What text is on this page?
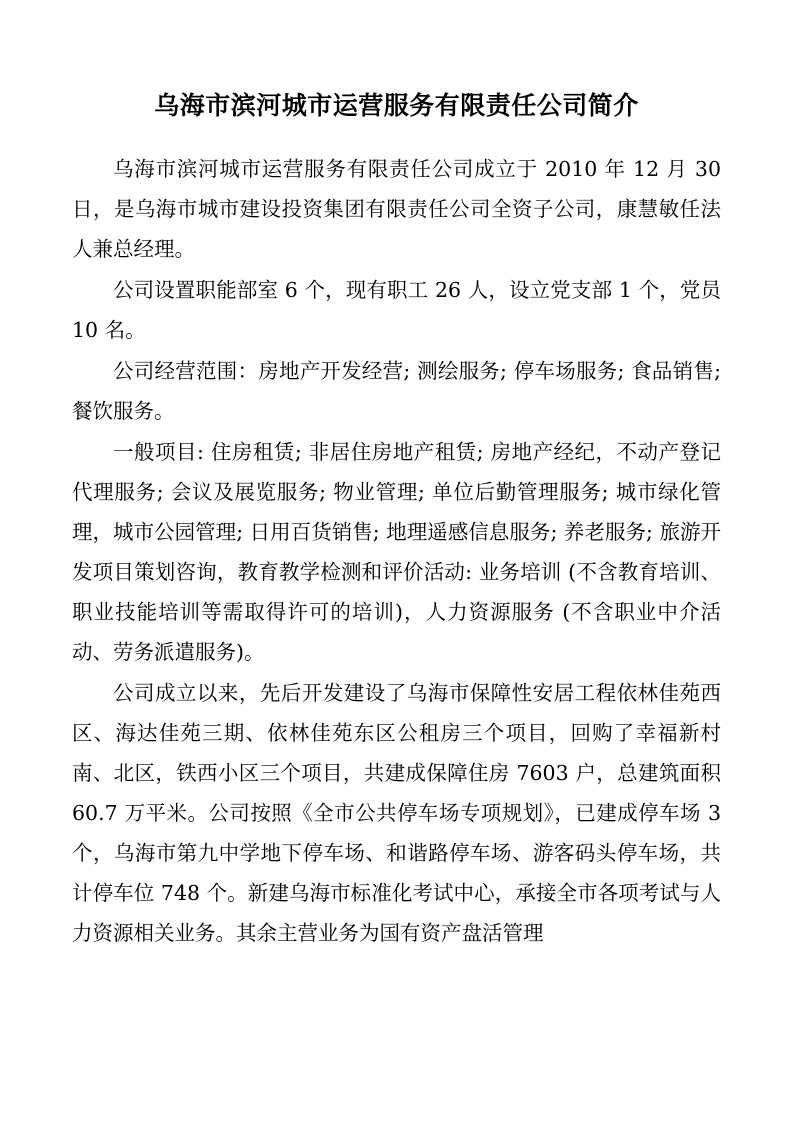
乌海市滨河城市运营服务有限责任公司简介

乌海市滨河城市运营服务有限责任公司成立于 2010 年 12 月 30 日，是乌海市城市建设投资集团有限责任公司全资子公司，康慧敏任法人兼总经理。

公司设置职能部室 6 个，现有职工 26 人，设立党支部 1 个，党员 10 名。

公司经营范围：房地产开发经营; 测绘服务; 停车场服务; 食品销售; 餐饮服务。

一般项目: 住房租赁; 非居住房地产租赁; 房地产经纪，不动产登记代理服务; 会议及展览服务; 物业管理; 单位后勤管理服务; 城市绿化管理，城市公园管理; 日用百货销售; 地理遥感信息服务; 养老服务; 旅游开发项目策划咨询，教育教学检测和评价活动: 业务培训 (不含教育培训、职业技能培训等需取得许可的培训)，人力资源服务 (不含职业中介活动、劳务派遣服务)。

公司成立以来，先后开发建设了乌海市保障性安居工程依林佳苑西区、海达佳苑三期、依林佳苑东区公租房三个项目，回购了幸福新村南、北区，铁西小区三个项目，共建成保障住房 7603 户，总建筑面积 60.7 万平米。公司按照《全市公共停车场专项规划》，已建成停车场 3 个，乌海市第九中学地下停车场、和谐路停车场、游客码头停车场，共计停车位 748 个。新建乌海市标准化考试中心，承接全市各项考试与人力资源相关业务。其余主营业务为国有资产盘活管理
